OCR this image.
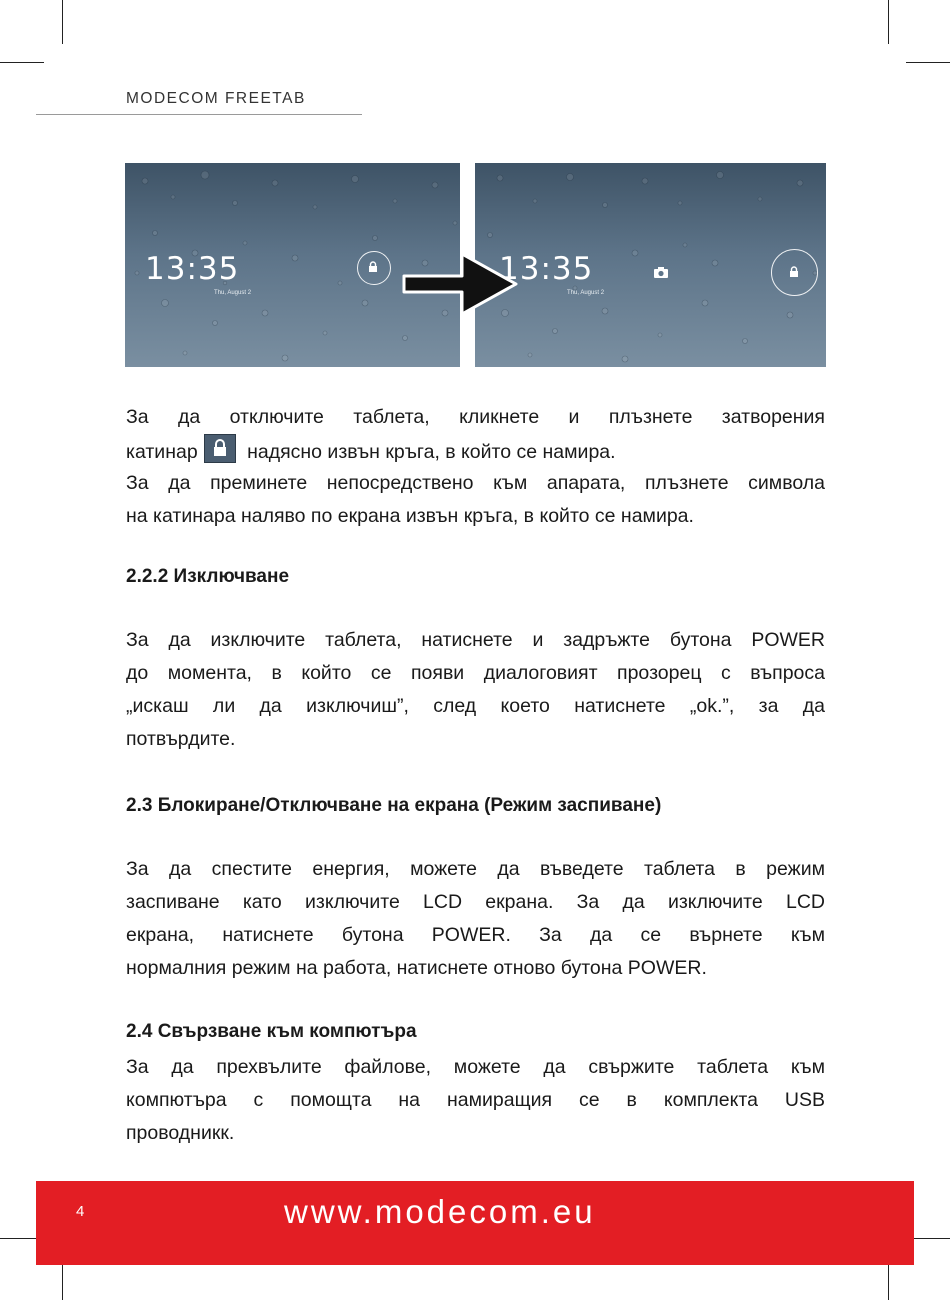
MODECOM FREETAB
13:35
Thu, August 2
13:35
Thu, August 2
За да отключите таблета, кликнете и плъзнете затворения
катинар	надясно извън кръга, в който се намира.
За да преминете непосредствено към апарата, плъзнете символа
на катинара наляво по екрана извън кръга, в който се намира.
2.2.2 Изключване
За да изключите таблета, натиснете и задръжте бутона POWER
до момента, в който се появи диалоговият прозорец с въпроса
„искаш ли да изключиш”, след което натиснете „ok.”, за да
потвърдите.
2.3 Блокиране/Отключване на екрана (Режим заспиване)
За да спестите енергия, можете да въведете таблета в режим
заспиване като изключите LCD екрана. За да изключите LCD
екрана, натиснете бутона POWER. За да се върнете към
нормалния режим на работа, натиснете отново бутона POWER.
2.4 Свързване към компютъра
За да прехвълите файлове, можете да свържите таблета към
компютъра с помощта на намиращия се в комплекта USB
проводникк.
4	www.modecom.eu
